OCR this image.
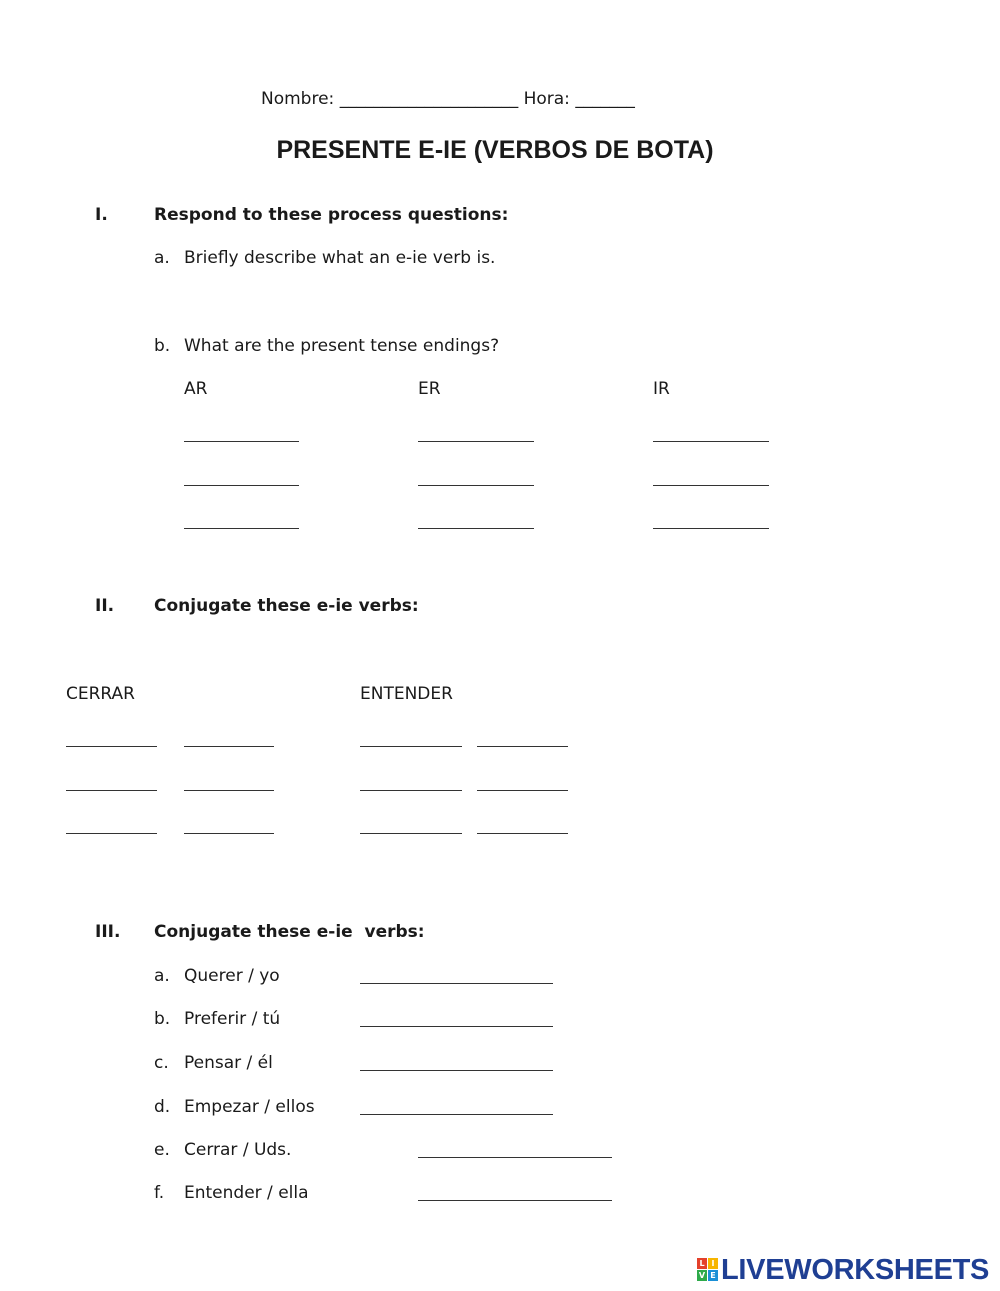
Nombre: _____________________ Hora: _______
PRESENTE E-IE (VERBOS DE BOTA)
I.	Respond to these process questions:
a. Briefly describe what an e-ie verb is.
b. What are the present tense endings?
AR	ER	IR
II. Conjugate these e-ie verbs:
CERRAR	ENTENDER
III. Conjugate these e-ie  verbs:
a. Querer / yo
b. Preferir / tú
c. Pensar / él
d. Empezar / ellos
e. Cerrar / Uds.
f. Entender / ella
L I
V E LIVEWORKSHEETS
